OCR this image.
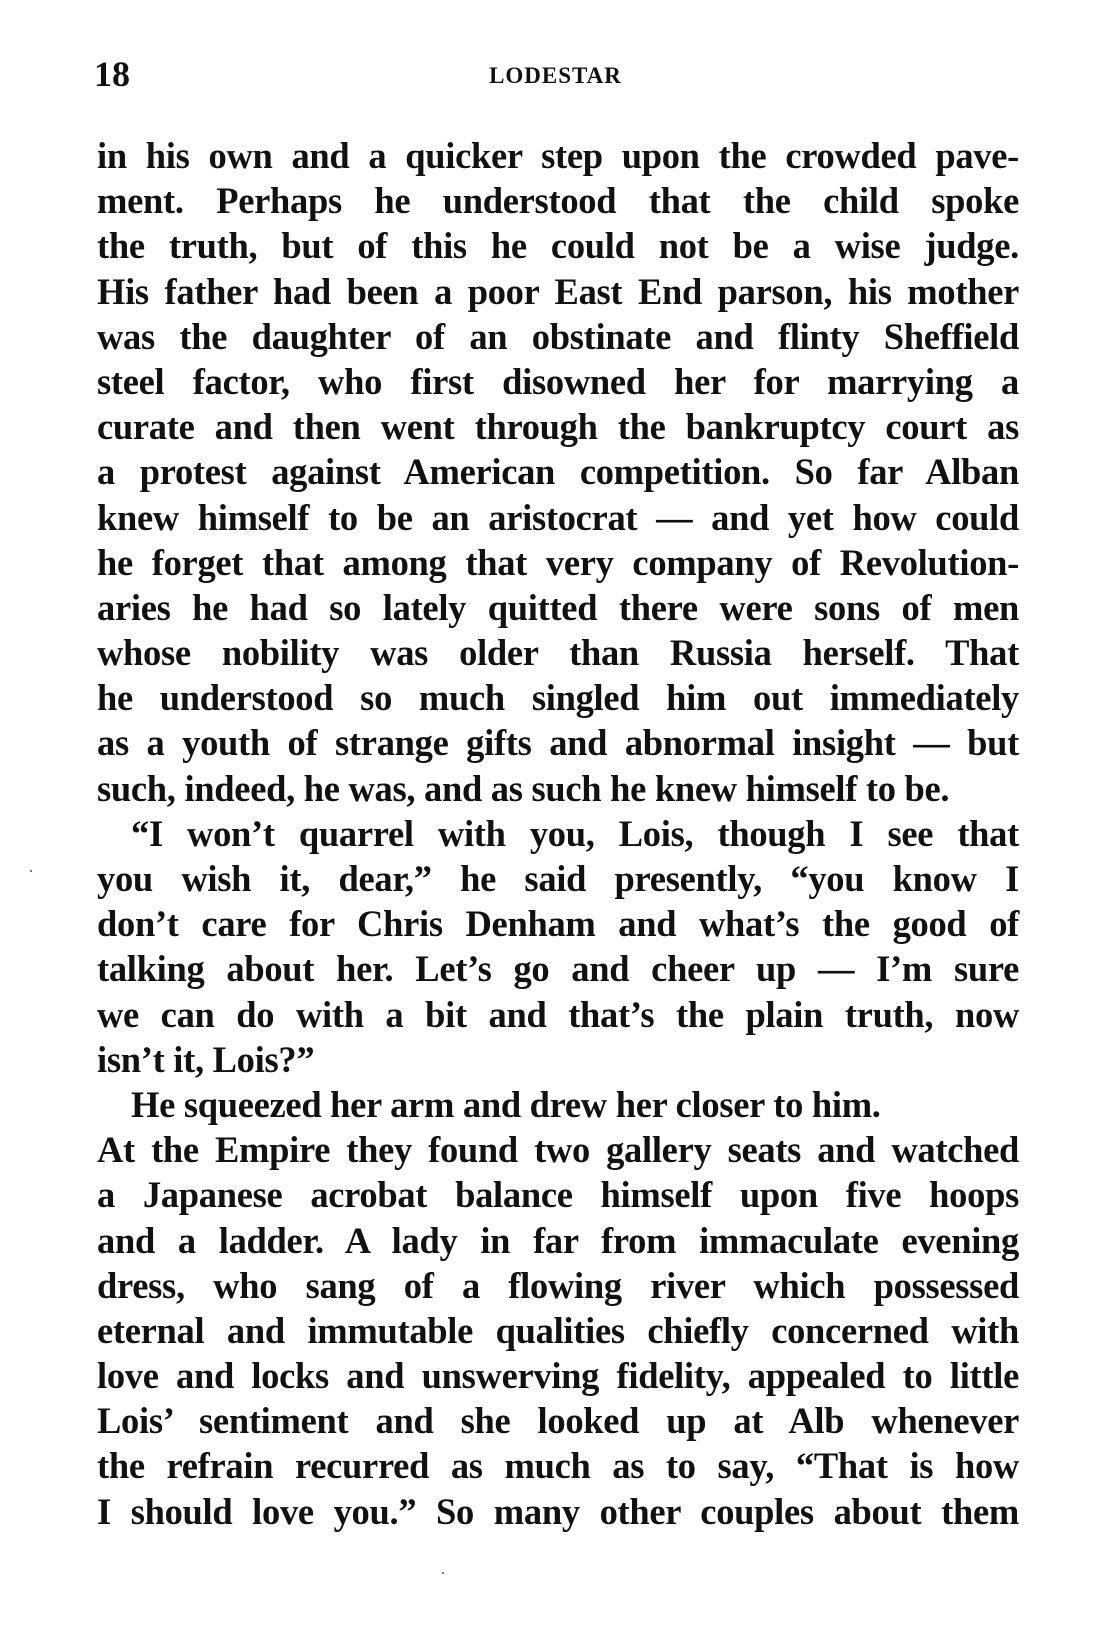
18	LODESTAR
in his own and a quicker step upon the crowded pave-
ment. Perhaps he understood that the child spoke
the truth, but of this he could not be a wise judge.
His father had been a poor East End parson, his mother
was the daughter of an obstinate and flinty Sheffield
steel factor, who first disowned her for marrying a
curate and then went through the bankruptcy court as
a protest against American competition. So far Alban
knew himself to be an aristocrat — and yet how could
he forget that among that very company of Revolution-
aries he had so lately quitted there were sons of men
whose nobility was older than Russia herself. That
he understood so much singled him out immediately
as a youth of strange gifts and abnormal insight — but
such, indeed, he was, and as such he knew himself to be.
“I won’t quarrel with you, Lois, though I see that
you wish it, dear,” he said presently, “you know I
don’t care for Chris Denham and what’s the good of
talking about her. Let’s go and cheer up — I’m sure
we can do with a bit and that’s the plain truth, now
isn’t it, Lois?”
He squeezed her arm and drew her closer to him.
At the Empire they found two gallery seats and watched
a Japanese acrobat balance himself upon five hoops
and a ladder. A lady in far from immaculate evening
dress, who sang of a flowing river which possessed
eternal and immutable qualities chiefly concerned with
love and locks and unswerving fidelity, appealed to little
Lois’ sentiment and she looked up at Alb whenever
the refrain recurred as much as to say, “That is how
I should love you.” So many other couples about them
